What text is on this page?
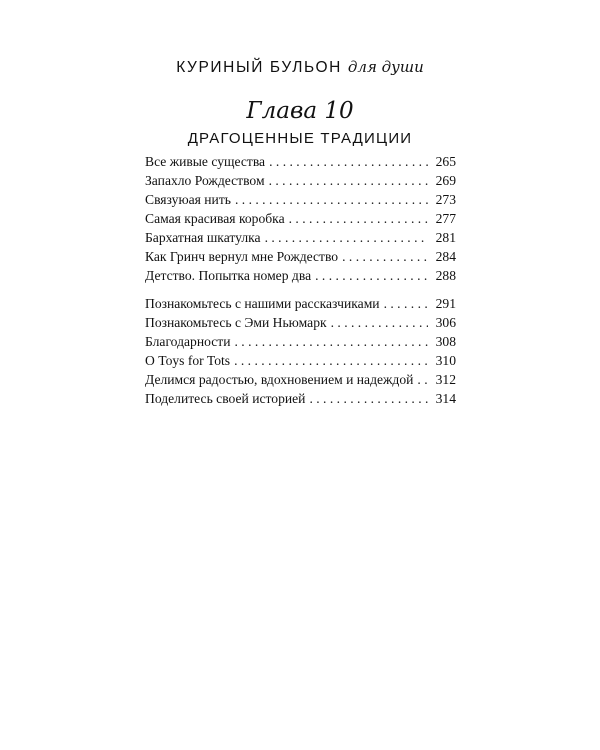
КУРИНЫЙ БУЛЬОН для души
Глава 10
ДРАГОЦЕННЫЕ ТРАДИЦИИ
Все живые существа . . .	265
Запахло Рождеством . . .	269
Связуюая нить . . .	273
Самая красивая коробка . . .	277
Бархатная шкатулка . . .	281
Как Гринч вернул мне Рождество . . .	284
Детство. Попытка номер два . . .	288
Познакомьтесь с нашими рассказчиками . . .	291
Познакомьтесь с Эми Ньюмарк . . .	306
Благодарности . . .	308
О Toys for Tots . . .	310
Делимся радостью, вдохновением и надеждой . . . 312
Поделитесь своей историей . . .	314
